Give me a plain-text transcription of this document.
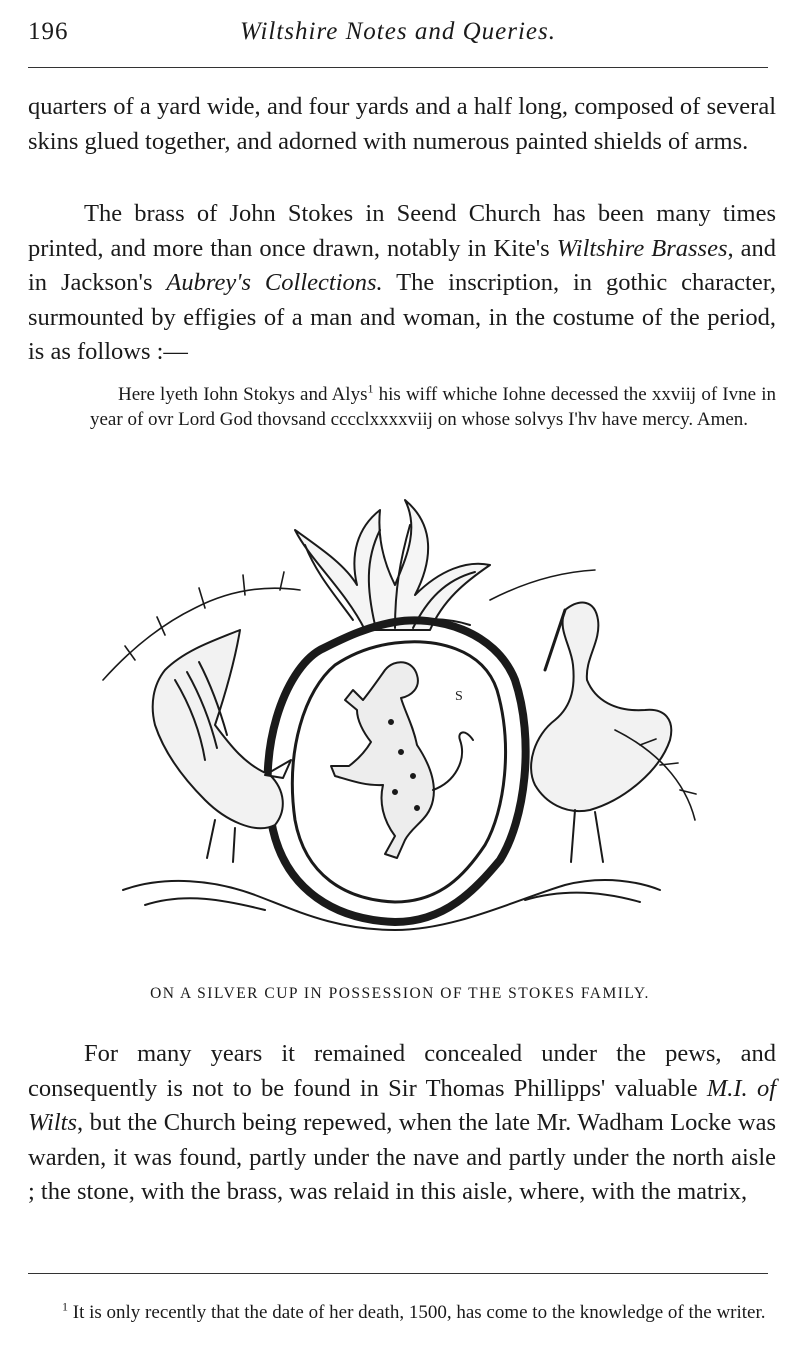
196	Wiltshire Notes and Queries.

quarters of a yard wide, and four yards and a half long, composed of several skins glued together, and adorned with numerous painted shields of arms.

The brass of John Stokes in Seend Church has been many times printed, and more than once drawn, notably in Kite's Wiltshire Brasses, and in Jackson's Aubrey's Collections. The inscription, in gothic character, surmounted by effigies of a man and woman, in the costume of the period, is as follows :—

Here lyeth Iohn Stokys and Alys$^1$ his wiff whiche Iohne decessed the xxviij of Ivne in year of ovr Lord God thovsand cccclxxxxviij on whose solvys I'hv have mercy. Amen.

S
ON A SILVER CUP IN POSSESSION OF THE STOKES FAMILY.

For many years it remained concealed under the pews, and consequently is not to be found in Sir Thomas Phillipps' valuable M.I. of Wilts, but the Church being repewed, when the late Mr. Wadham Locke was warden, it was found, partly under the nave and partly under the north aisle ; the stone, with the brass, was relaid in this aisle, where, with the matrix,

$^1$ It is only recently that the date of her death, 1500, has come to the knowledge of the writer.
